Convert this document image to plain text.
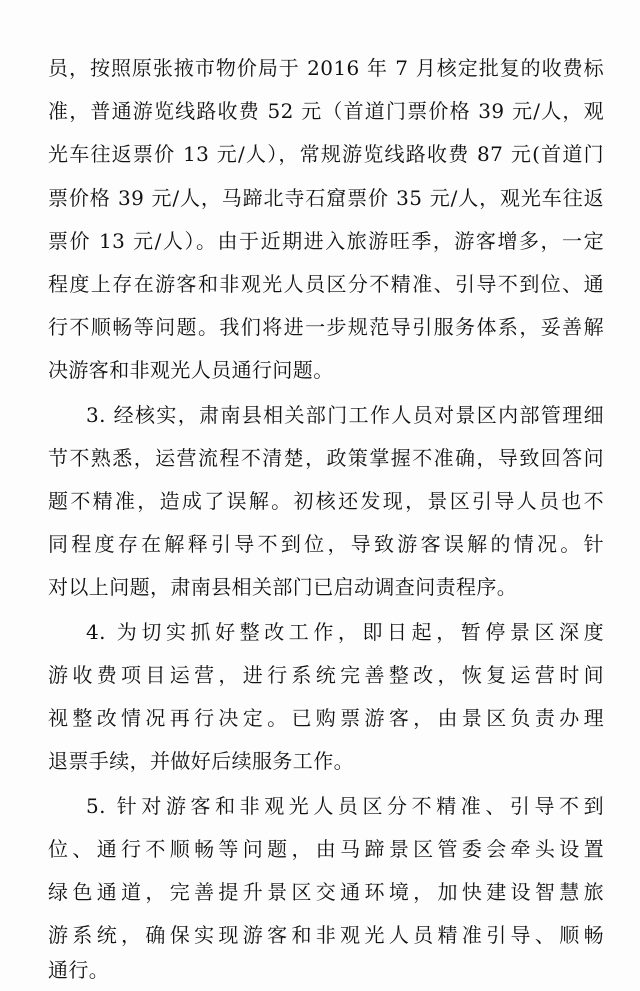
员，按照原张掖市物价局于 2016 年 7 月核定批复的收费标
准，普通游览线路收费 52 元（首道门票价格 39 元/人，观
光车往返票价 13 元/人），常规游览线路收费 87 元(首道门
票价格 39 元/人，马蹄北寺石窟票价 35 元/人，观光车往返
票价 13 元/人）。由于近期进入旅游旺季，游客增多，一定
程度上存在游客和非观光人员区分不精准、引导不到位、通
行不顺畅等问题。我们将进一步规范导引服务体系，妥善解
决游客和非观光人员通行问题。
3. 经核实，肃南县相关部门工作人员对景区内部管理细
节不熟悉，运营流程不清楚，政策掌握不准确，导致回答问
题不精准，造成了误解。初核还发现，景区引导人员也不
同程度存在解释引导不到位，导致游客误解的情况。针
对以上问题，肃南县相关部门已启动调查问责程序。
4. 为切实抓好整改工作，即日起，暂停景区深度
游收费项目运营，进行系统完善整改，恢复运营时间
视整改情况再行决定。已购票游客，由景区负责办理
退票手续，并做好后续服务工作。
5. 针对游客和非观光人员区分不精准、引导不到
位、通行不顺畅等问题，由马蹄景区管委会牵头设置
绿色通道，完善提升景区交通环境，加快建设智慧旅
游系统，确保实现游客和非观光人员精准引导、顺畅
通行。
